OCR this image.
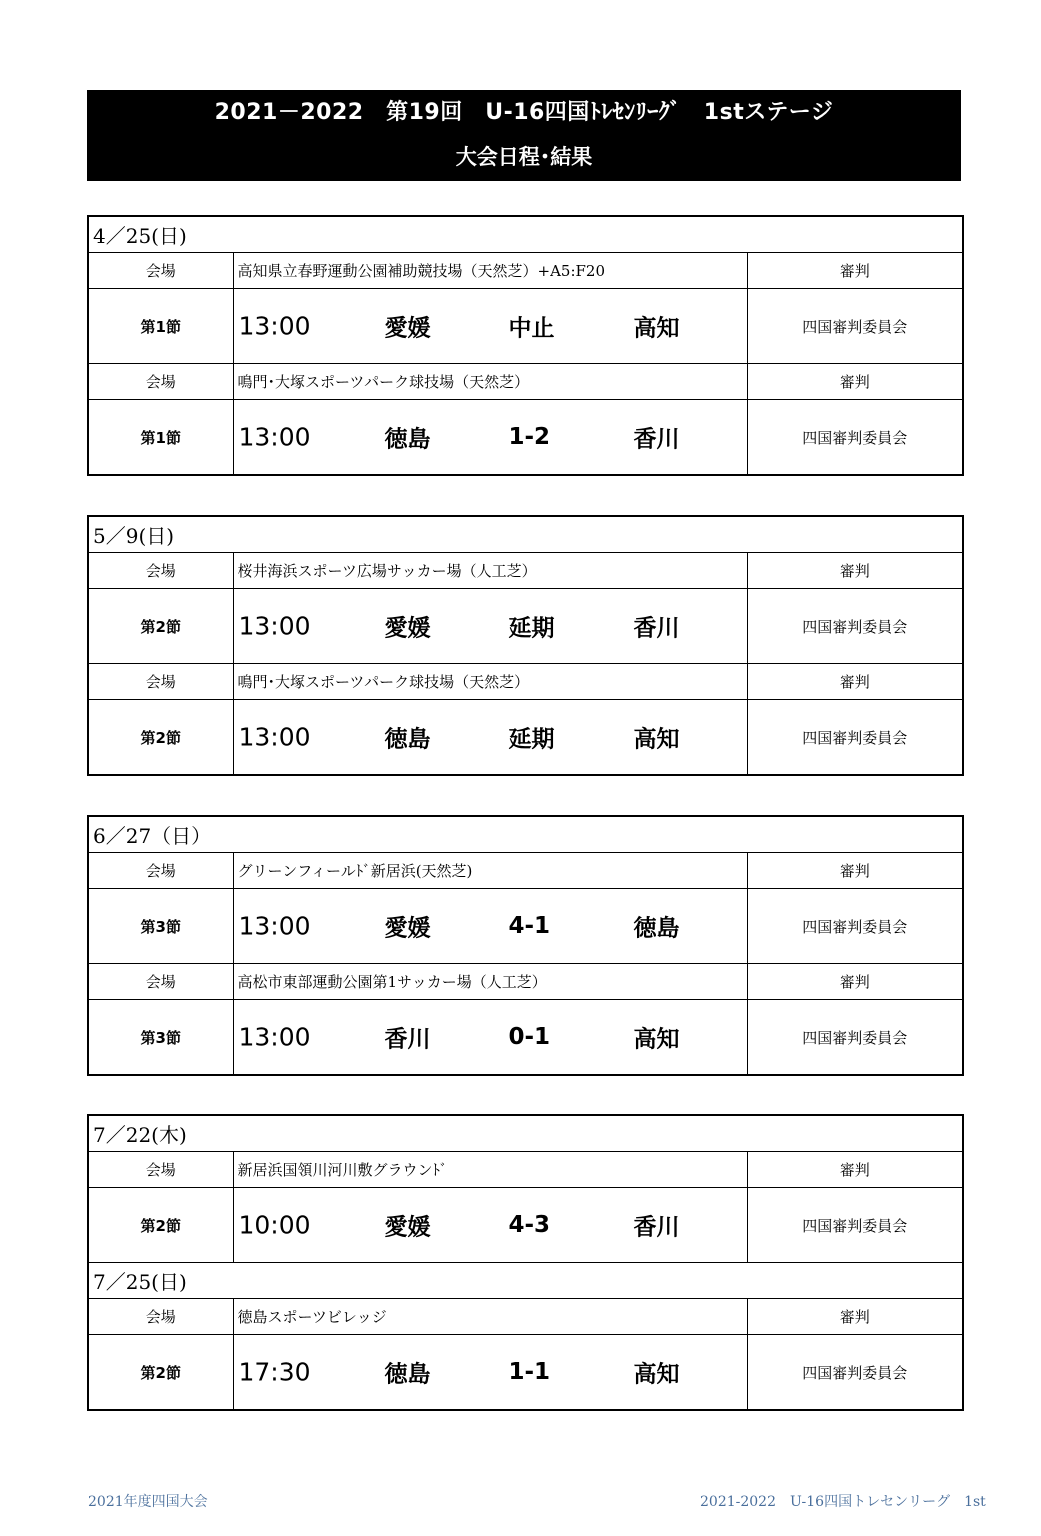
2021－2022　第19回　U-16四国ﾄﾚｾﾝﾘｰｸﾞ　1stステージ
大会日程･結果
4／25(日)		
会場	高知県立春野運動公園補助競技場（天然芝）+A5:F20	審判
第1節	13:00 愛媛 中止 高知	四国審判委員会
会場	鳴門･大塚スポーツパーク球技場（天然芝）	審判
第1節	13:00 徳島 1-2 香川	四国審判委員会
5／9(日)		
会場	桜井海浜スポーツ広場サッカー場（人工芝）	審判
第2節	13:00 愛媛 延期 香川	四国審判委員会
会場	鳴門･大塚スポーツパーク球技場（天然芝）	審判
第2節	13:00 徳島 延期 高知	四国審判委員会
6／27（日）		
会場	グリーンフィールﾄﾞ新居浜(天然芝)	審判
第3節	13:00 愛媛 4-1 徳島	四国審判委員会
会場	高松市東部運動公園第1サッカー場（人工芝）	審判
第3節	13:00 香川 0-1 高知	四国審判委員会
7／22(木)		
会場	新居浜国領川河川敷グラウンﾄﾞ	審判
第2節	10:00 愛媛 4-3 香川	四国審判委員会
7／25(日)		
会場	徳島スポーツビレッジ	審判
第2節	17:30 徳島 1-1 高知	四国審判委員会
2021年度四国大会	2021-2022　U-16四国トレセンリーグ　1st
